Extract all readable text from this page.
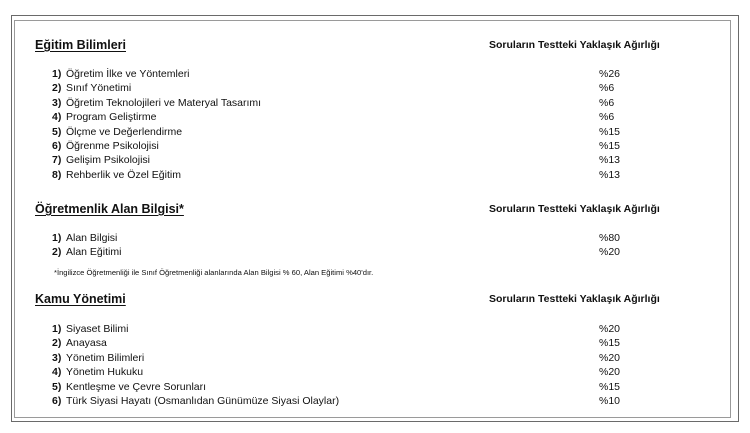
Eğitim Bilimleri	Soruların Testteki Yaklaşık Ağırlığı
1) Öğretim İlke ve Yöntemleri	%26
2) Sınıf Yönetimi	%6
3) Öğretim Teknolojileri ve Materyal Tasarımı	%6
4) Program Geliştirme	%6
5) Ölçme ve Değerlendirme	%15
6) Öğrenme Psikolojisi	%15
7) Gelişim Psikolojisi	%13
8) Rehberlik ve Özel Eğitim	%13
Öğretmenlik Alan Bilgisi*	Soruların Testteki Yaklaşık Ağırlığı
1) Alan Bilgisi	%80
2) Alan Eğitimi	%20
*İngilizce Öğretmenliği ile Sınıf Öğretmenliği alanlarında Alan Bilgisi % 60, Alan Eğitimi %40'dır.
Kamu Yönetimi	Soruların Testteki Yaklaşık Ağırlığı
1) Siyaset Bilimi	%20
2) Anayasa	%15
3) Yönetim Bilimleri	%20
4) Yönetim Hukuku	%20
5) Kentleşme ve Çevre Sorunları	%15
6) Türk Siyasi Hayatı (Osmanlıdan Günümüze Siyasi Olaylar)	%10
